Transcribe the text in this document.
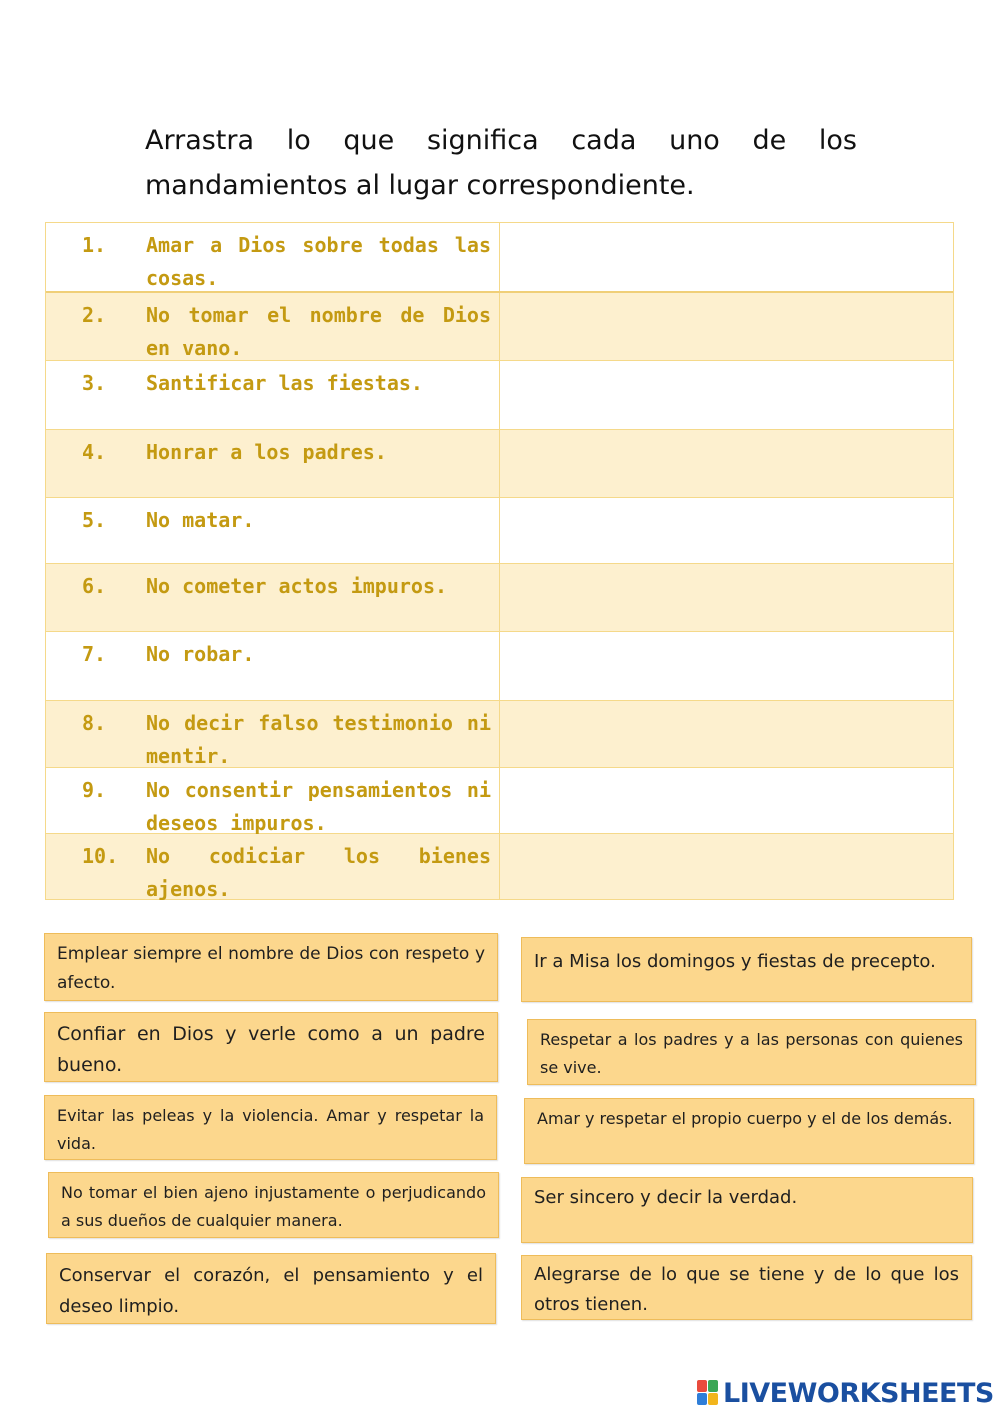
Arrastra lo que significa cada uno de los mandamientos al lugar correspondiente.

1.	Amar a Dios sobre todas las cosas.
2.	No tomar el nombre de Dios en vano.
3.	Santificar las fiestas.
4.	Honrar a los padres.
5.	No matar.
6.	No cometer actos impuros.
7.	No robar.
8.	No decir falso testimonio ni mentir.
9.	No consentir pensamientos ni deseos impuros.
10.	No codiciar los bienes ajenos.
Emplear siempre el nombre de Dios con respeto y afecto.
Ir a Misa los domingos y fiestas de precepto.
Confiar en Dios y verle como a un padre bueno.
Respetar a los padres y a las personas con quienes se vive.
Evitar las peleas y la violencia. Amar y respetar la vida.
Amar y respetar el propio cuerpo y el de los demás.
No tomar el bien ajeno injustamente o perjudicando a sus dueños de cualquier manera.
Ser sincero y decir la verdad.
Conservar el corazón, el pensamiento y el deseo limpio.
Alegrarse de lo que se tiene y de lo que los otros tienen.
LIVEWORKSHEETS
